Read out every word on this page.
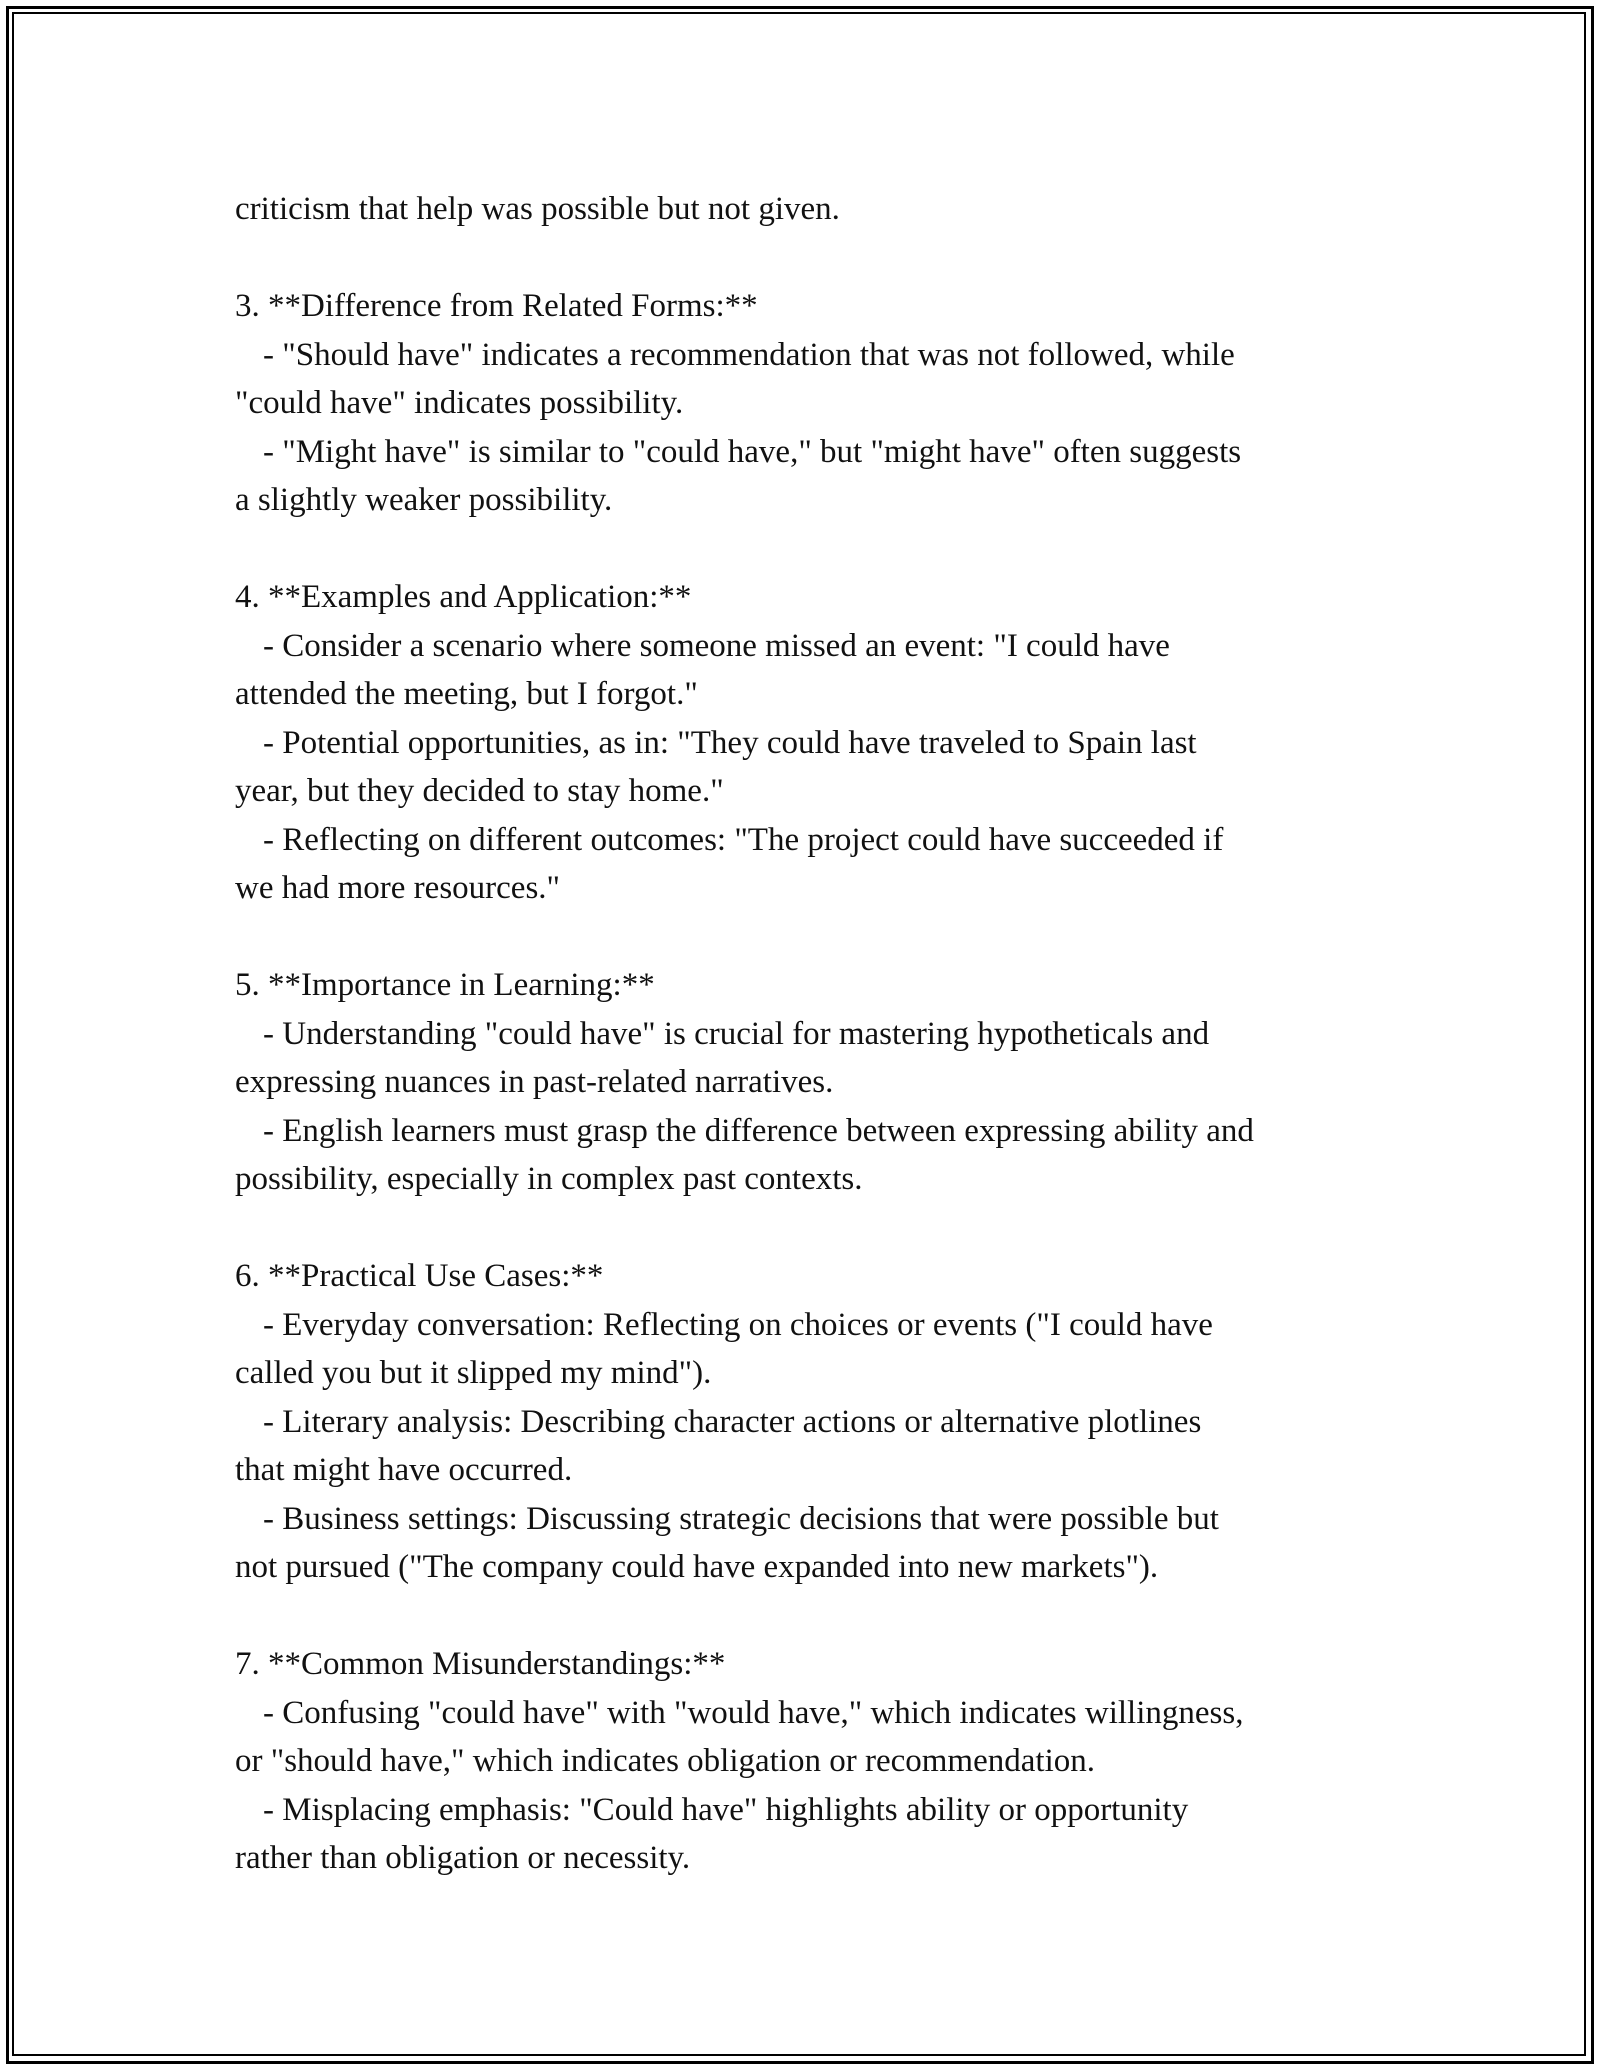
criticism that help was possible but not given.
3. **Difference from Related Forms:**
- "Should have" indicates a recommendation that was not followed, while
"could have" indicates possibility.
- "Might have" is similar to "could have," but "might have" often suggests
a slightly weaker possibility.
4. **Examples and Application:**
- Consider a scenario where someone missed an event: "I could have
attended the meeting, but I forgot."
- Potential opportunities, as in: "They could have traveled to Spain last
year, but they decided to stay home."
- Reflecting on different outcomes: "The project could have succeeded if
we had more resources."
5. **Importance in Learning:**
- Understanding "could have" is crucial for mastering hypotheticals and
expressing nuances in past-related narratives.
- English learners must grasp the difference between expressing ability and
possibility, especially in complex past contexts.
6. **Practical Use Cases:**
- Everyday conversation: Reflecting on choices or events ("I could have
called you but it slipped my mind").
- Literary analysis: Describing character actions or alternative plotlines
that might have occurred.
- Business settings: Discussing strategic decisions that were possible but
not pursued ("The company could have expanded into new markets").
7. **Common Misunderstandings:**
- Confusing "could have" with "would have," which indicates willingness,
or "should have," which indicates obligation or recommendation.
- Misplacing emphasis: "Could have" highlights ability or opportunity
rather than obligation or necessity.
